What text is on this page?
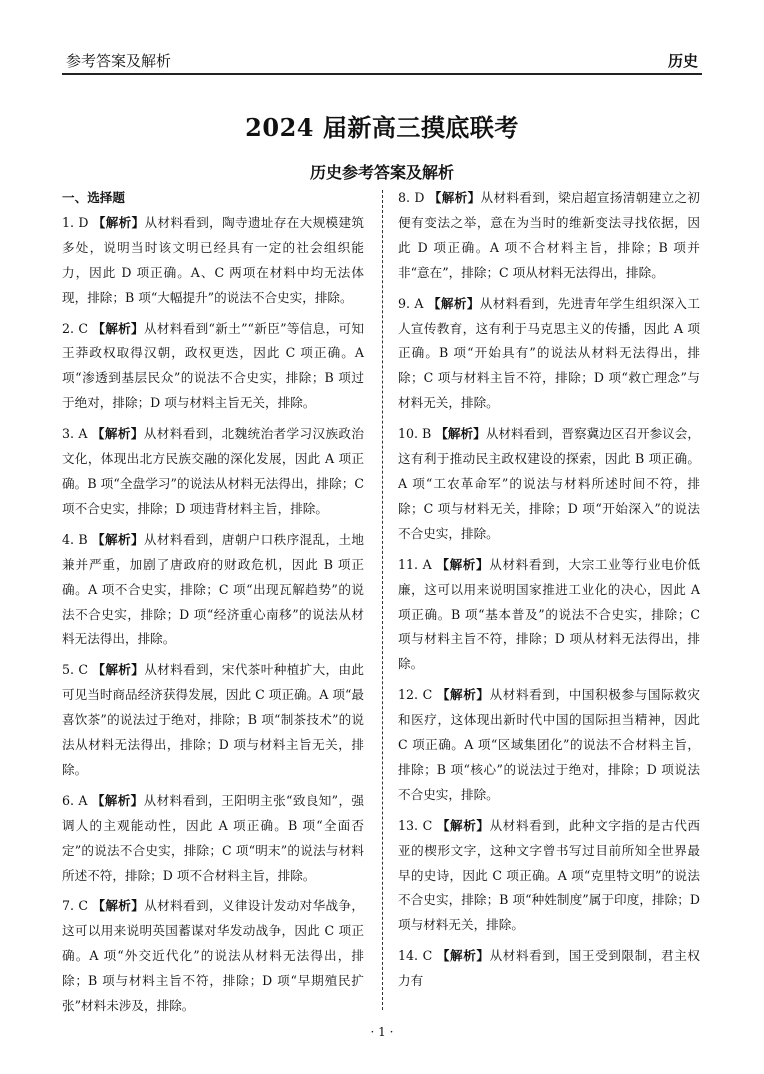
参考答案及解析	历史
2024 届新高三摸底联考
历史参考答案及解析
一、选择题
1. D 【解析】从材料看到，陶寺遗址存在大规模建筑多处，说明当时该文明已经具有一定的社会组织能力，因此 D 项正确。A、C 两项在材料中均无法体现，排除；B 项“大幅提升”的说法不合史实，排除。
2. C 【解析】从材料看到“新土”“新臣”等信息，可知王莽政权取得汉朝，政权更迭，因此 C 项正确。A 项“渗透到基层民众”的说法不合史实，排除；B 项过于绝对，排除；D 项与材料主旨无关，排除。
3. A 【解析】从材料看到，北魏统治者学习汉族政治文化，体现出北方民族交融的深化发展，因此 A 项正确。B 项“全盘学习”的说法从材料无法得出，排除；C 项不合史实，排除；D 项违背材料主旨，排除。
4. B 【解析】从材料看到，唐朝户口秩序混乱，土地兼并严重，加剧了唐政府的财政危机，因此 B 项正确。A 项不合史实，排除；C 项“出现瓦解趋势”的说法不合史实，排除；D 项“经济重心南移”的说法从材料无法得出，排除。
5. C 【解析】从材料看到，宋代茶叶种植扩大，由此可见当时商品经济获得发展，因此 C 项正确。A 项“最喜饮茶”的说法过于绝对，排除；B 项“制茶技术”的说法从材料无法得出，排除；D 项与材料主旨无关，排除。
6. A 【解析】从材料看到，王阳明主张“致良知”，强调人的主观能动性，因此 A 项正确。B 项“全面否定”的说法不合史实，排除；C 项“明末”的说法与材料所述不符，排除；D 项不合材料主旨，排除。
7. C 【解析】从材料看到，义律设计发动对华战争，这可以用来说明英国蓄谋对华发动战争，因此 C 项正确。A 项“外交近代化”的说法从材料无法得出，排除；B 项与材料主旨不符，排除；D 项“早期殖民扩张”材料未涉及，排除。
8. D 【解析】从材料看到，梁启超宣扬清朝建立之初便有变法之举，意在为当时的维新变法寻找依据，因此 D 项正确。A 项不合材料主旨，排除；B 项并非“意在”，排除；C 项从材料无法得出，排除。
9. A 【解析】从材料看到，先进青年学生组织深入工人宣传教育，这有利于马克思主义的传播，因此 A 项正确。B 项“开始具有”的说法从材料无法得出，排除；C 项与材料主旨不符，排除；D 项“救亡理念”与材料无关，排除。
10. B 【解析】从材料看到，晋察冀边区召开参议会，这有利于推动民主政权建设的探索，因此 B 项正确。A 项“工农革命军”的说法与材料所述时间不符，排除；C 项与材料无关，排除；D 项“开始深入”的说法不合史实，排除。
11. A 【解析】从材料看到，大宗工业等行业电价低廉，这可以用来说明国家推进工业化的决心，因此 A 项正确。B 项“基本普及”的说法不合史实，排除；C 项与材料主旨不符，排除；D 项从材料无法得出，排除。
12. C 【解析】从材料看到，中国积极参与国际救灾和医疗，这体现出新时代中国的国际担当精神，因此 C 项正确。A 项“区域集团化”的说法不合材料主旨，排除；B 项“核心”的说法过于绝对，排除；D 项说法不合史实，排除。
13. C 【解析】从材料看到，此种文字指的是古代西亚的楔形文字，这种文字曾书写过目前所知全世界最早的史诗，因此 C 项正确。A 项“克里特文明”的说法不合史实，排除；B 项“种姓制度”属于印度，排除；D 项与材料无关，排除。
14. C 【解析】从材料看到，国王受到限制，君主权力有
· 1 ·
